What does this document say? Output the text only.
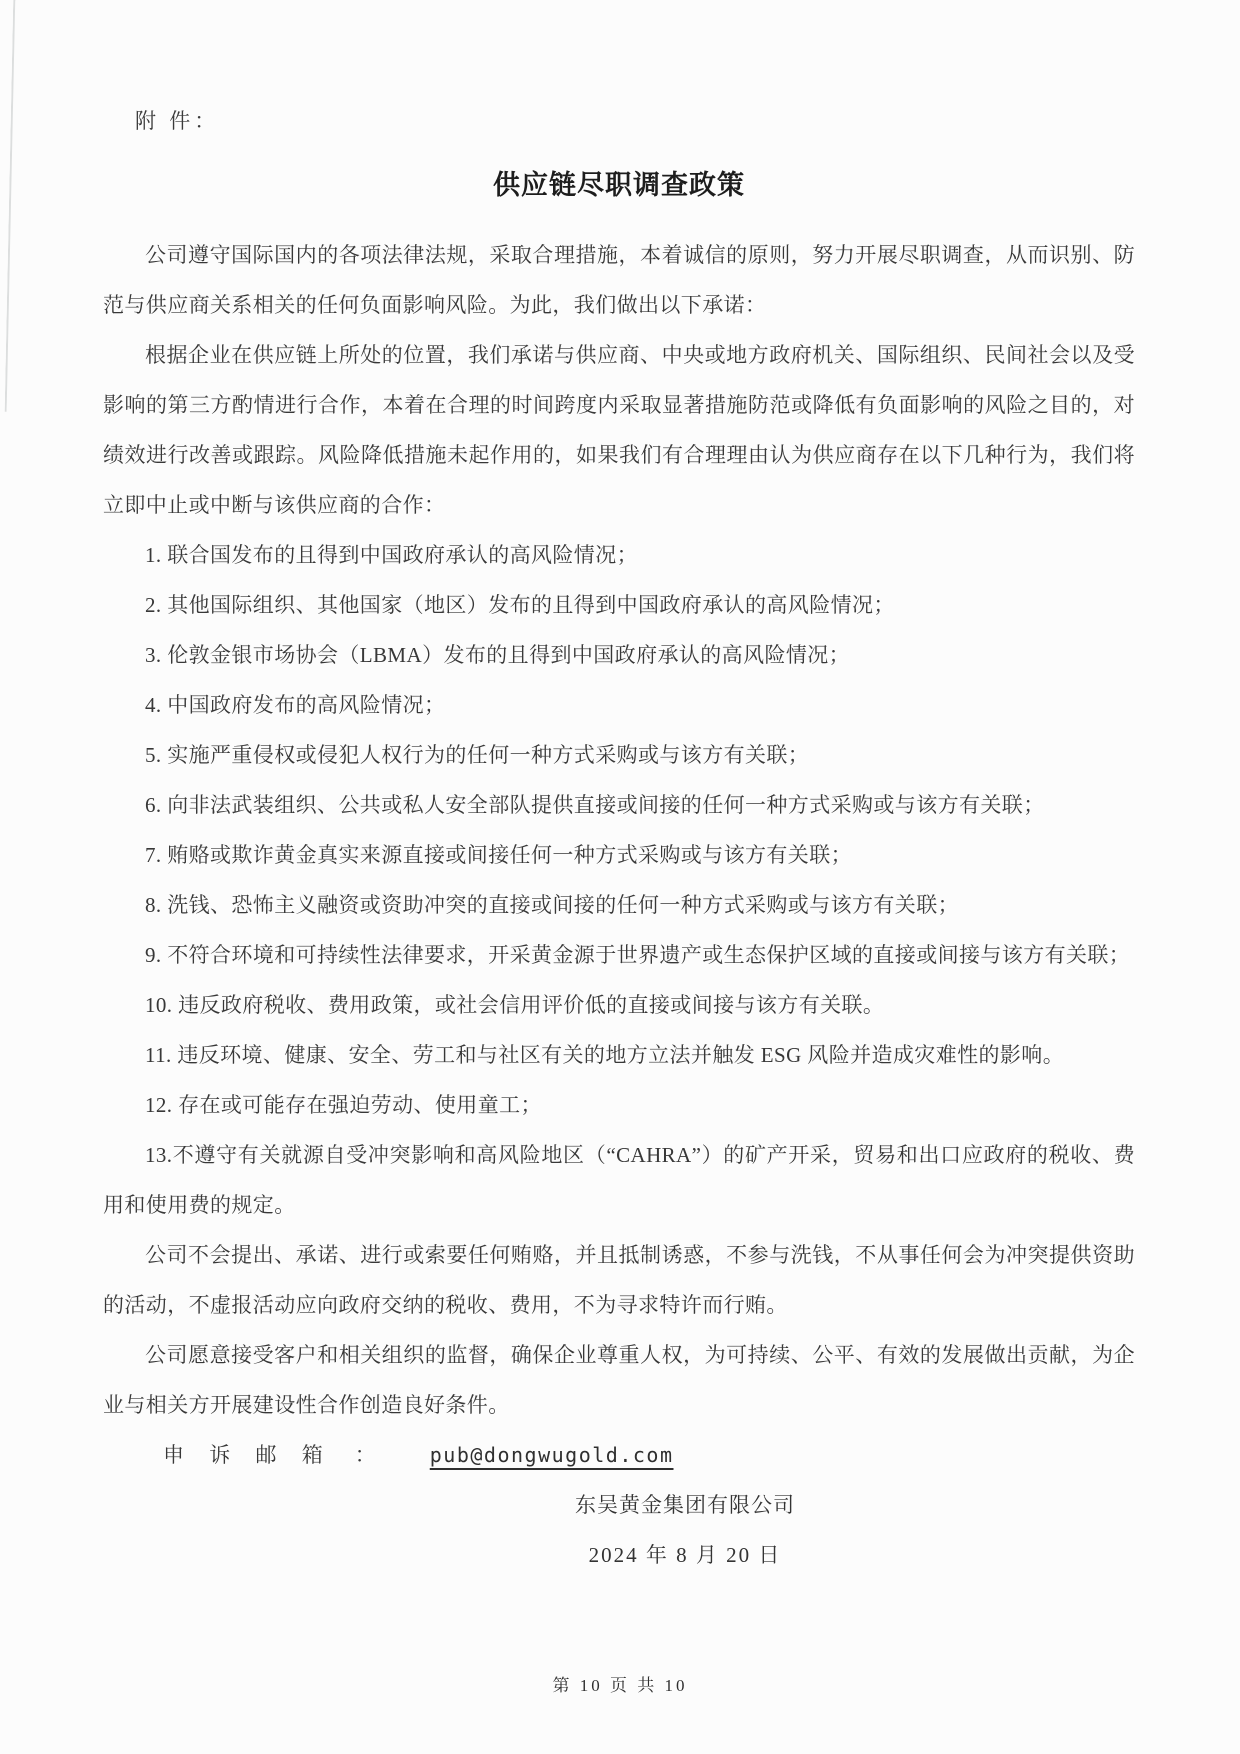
附 件：
供应链尽职调查政策

公司遵守国际国内的各项法律法规，采取合理措施，本着诚信的原则，努力开展尽职调查，从而识别、防范与供应商关系相关的任何负面影响风险。为此，我们做出以下承诺：

根据企业在供应链上所处的位置，我们承诺与供应商、中央或地方政府机关、国际组织、民间社会以及受影响的第三方酌情进行合作，本着在合理的时间跨度内采取显著措施防范或降低有负面影响的风险之目的，对绩效进行改善或跟踪。风险降低措施未起作用的，如果我们有合理理由认为供应商存在以下几种行为，我们将立即中止或中断与该供应商的合作：

1. 联合国发布的且得到中国政府承认的高风险情况；

2. 其他国际组织、其他国家（地区）发布的且得到中国政府承认的高风险情况；

3. 伦敦金银市场协会（LBMA）发布的且得到中国政府承认的高风险情况；

4. 中国政府发布的高风险情况；

5. 实施严重侵权或侵犯人权行为的任何一种方式采购或与该方有关联；

6. 向非法武装组织、公共或私人安全部队提供直接或间接的任何一种方式采购或与该方有关联；

7. 贿赂或欺诈黄金真实来源直接或间接任何一种方式采购或与该方有关联；

8. 洗钱、恐怖主义融资或资助冲突的直接或间接的任何一种方式采购或与该方有关联；

9. 不符合环境和可持续性法律要求，开采黄金源于世界遗产或生态保护区域的直接或间接与该方有关联；

10. 违反政府税收、费用政策，或社会信用评价低的直接或间接与该方有关联。

11. 违反环境、健康、安全、劳工和与社区有关的地方立法并触发 ESG 风险并造成灾难性的影响。

12. 存在或可能存在强迫劳动、使用童工；

13.不遵守有关就源自受冲突影响和高风险地区（“CAHRA”）的矿产开采，贸易和出口应政府的税收、费用和使用费的规定。

公司不会提出、承诺、进行或索要任何贿赂，并且抵制诱惑，不参与洗钱，不从事任何会为冲突提供资助的活动，不虚报活动应向政府交纳的税收、费用，不为寻求特许而行贿。

公司愿意接受客户和相关组织的监督，确保企业尊重人权，为可持续、公平、有效的发展做出贡献，为企业与相关方开展建设性合作创造良好条件。

申 诉 邮 箱 ：	pub@dongwugold.com
东吴黄金集团有限公司
2024 年 8 月 20 日
第 10 页 共 10
